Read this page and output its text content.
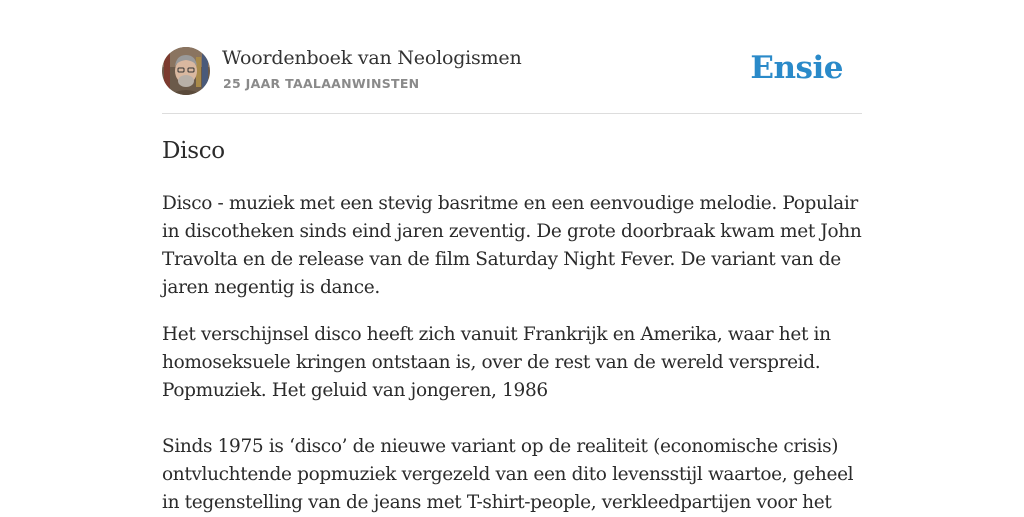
Woordenboek van Neologismen
25 JAAR TAALAANWINSTEN	Ensie
Disco

Disco - muziek met een stevig basritme en een eenvoudige melodie. Populair in discotheken sinds eind jaren zeventig. De grote doorbraak kwam met John Travolta en de release van de film Saturday Night Fever. De variant van de jaren negentig is dance.

Het verschijnsel disco heeft zich vanuit Frankrijk en Amerika, waar het in homoseksuele kringen ontstaan is, over de rest van de wereld verspreid.
Popmuziek. Het geluid van jongeren, 1986
Sinds 1975 is ‘disco’ de nieuwe variant op de realiteit (economische crisis) ontvluchtende popmuziek vergezeld van een dito levensstijl waartoe, geheel in tegenstelling van de jeans met T-shirt-people, verkleedpartijen voor het
